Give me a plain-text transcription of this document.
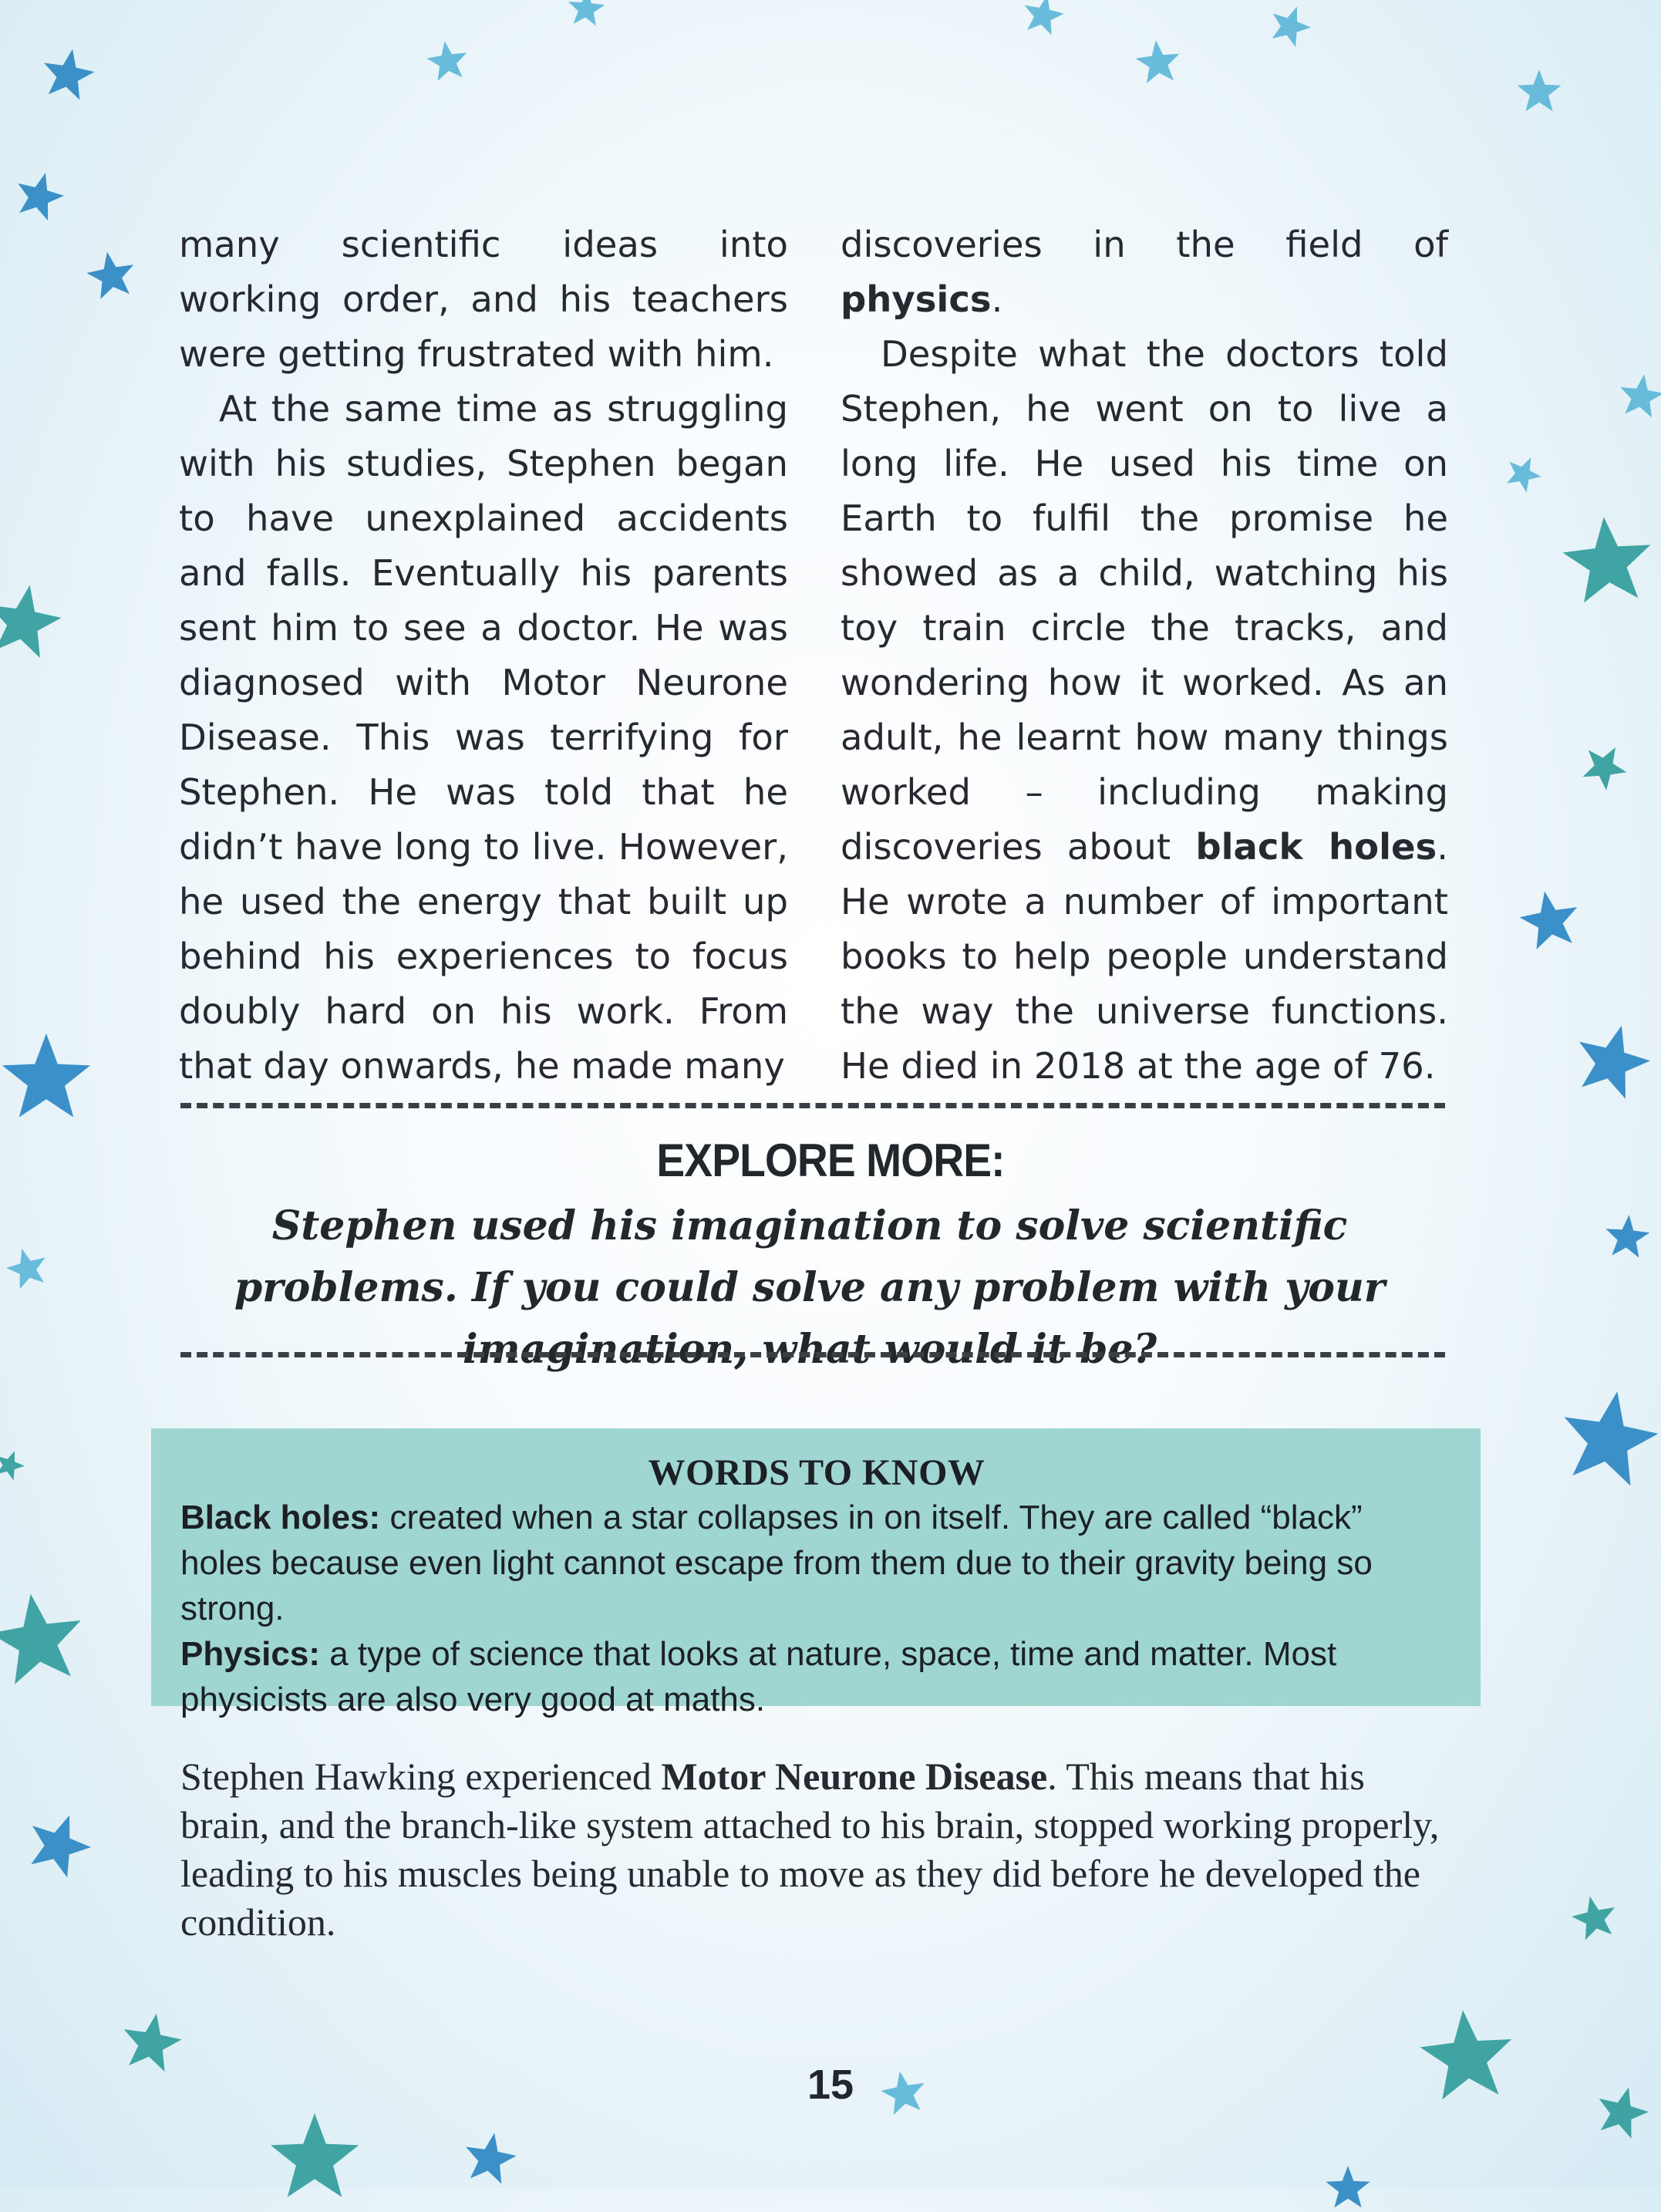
many scientific ideas into working order, and his teachers were getting frustrated with him.

At the same time as struggling with his studies, Stephen began to have unexplained accidents and falls. Eventually his parents sent him to see a doctor. He was diagnosed with Motor Neurone Disease. This was terrifying for Stephen. He was told that he didn’t have long to live. However, he used the energy that built up behind his experiences to focus doubly hard on his work. From that day onwards, he made many

discoveries in the field of physics.

Despite what the doctors told Stephen, he went on to live a long life. He used his time on Earth to fulfil the promise he showed as a child, watching his toy train circle the tracks, and wondering how it worked. As an adult, he learnt how many things worked – including making discoveries about black holes. He wrote a number of important books to help people understand the way the universe functions. He died in 2018 at the age of 76.

EXPLORE MORE:
Stephen used his imagination to solve scientific problems. If you could solve any problem with your imagination, what would it be?
WORDS TO KNOW

Black holes: created when a star collapses in on itself. They are called “black” holes because even light cannot escape from them due to their gravity being so strong.

Physics: a type of science that looks at nature, space, time and matter. Most physicists are also very good at maths.

Stephen Hawking experienced Motor Neurone Disease. This means that his brain, and the branch-like system attached to his brain, stopped working properly, leading to his muscles being unable to move as they did before he developed the condition.

15
